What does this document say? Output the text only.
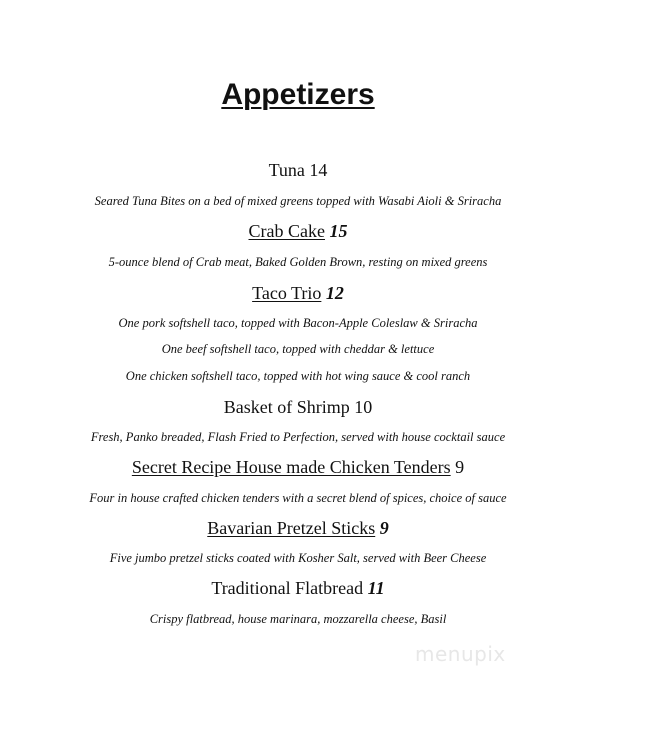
Appetizers
Tuna 14
Seared Tuna Bites on a bed of mixed greens topped with Wasabi Aioli & Sriracha
Crab Cake 15
5-ounce blend of Crab meat, Baked Golden Brown, resting on mixed greens
Taco Trio 12
One pork softshell taco, topped with Bacon-Apple Coleslaw & Sriracha
One beef softshell taco, topped with cheddar & lettuce
One chicken softshell taco, topped with hot wing sauce & cool ranch
Basket of Shrimp 10
Fresh, Panko breaded, Flash Fried to Perfection, served with house cocktail sauce
Secret Recipe House made Chicken Tenders 9
Four in house crafted chicken tenders with a secret blend of spices, choice of sauce
Bavarian Pretzel Sticks 9
Five jumbo pretzel sticks coated with Kosher Salt, served with Beer Cheese
Traditional Flatbread 11
Crispy flatbread, house marinara, mozzarella cheese, Basil
menupix
